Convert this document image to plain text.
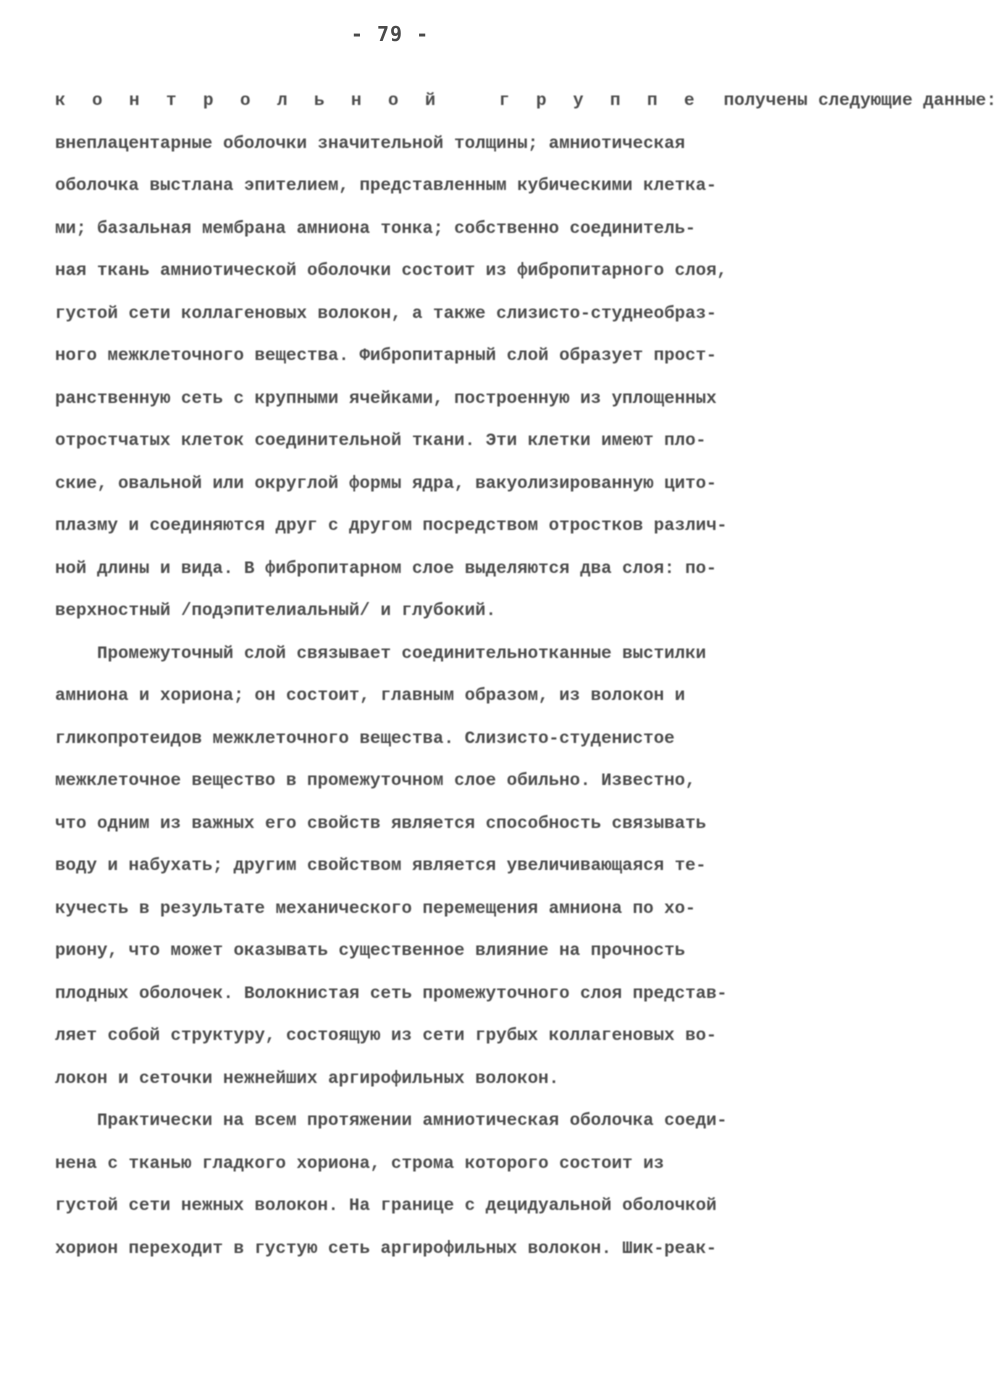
- 79 -
к о н т р о л ь н о й   г р у п п е  получены следующие данные:
внеплацентарные оболочки значительной толщины; амниотическая
оболочка выстлана эпителием, представленным кубическими клетка-
ми; базальная мембрана амниона тонка; собственно соединитель-
ная ткань амниотической оболочки состоит из фибропитарного слоя,
густой сети коллагеновых волокон, а также слизисто-студнеобраз-
ного межклеточного вещества. Фибропитарный слой образует прост-
ранственную сеть с крупными ячейками, построенную из уплощенных
отростчатых клеток соединительной ткани. Эти клетки имеют пло-
ские, овальной или округлой формы ядра, вакуолизированную цито-
плазму и соединяются друг с другом посредством отростков различ-
ной длины и вида. В фибропитарном слое выделяются два слоя: по-
верхностный /подэпителиальный/ и глубокий.
Промежуточный слой связывает соединительнотканные выстилки
амниона и хориона; он состоит, главным образом, из волокон и
гликопротеидов межклеточного вещества. Слизисто-студенистое
межклеточное вещество в промежуточном слое обильно. Известно,
что одним из важных его свойств является способность связывать
воду и набухать; другим свойством является увеличивающаяся те-
кучесть в результате механического перемещения амниона по хо-
риону, что может оказывать существенное влияние на прочность
плодных оболочек. Волокнистая сеть промежуточного слоя представ-
ляет собой структуру, состоящую из сети грубых коллагеновых во-
локон и сеточки нежнейших аргирофильных волокон.
Практически на всем протяжении амниотическая оболочка соеди-
нена с тканью гладкого хориона, строма которого состоит из
густой сети нежных волокон. На границе с децидуальной оболочкой
хорион переходит в густую сеть аргирофильных волокон. Шик-реак-
